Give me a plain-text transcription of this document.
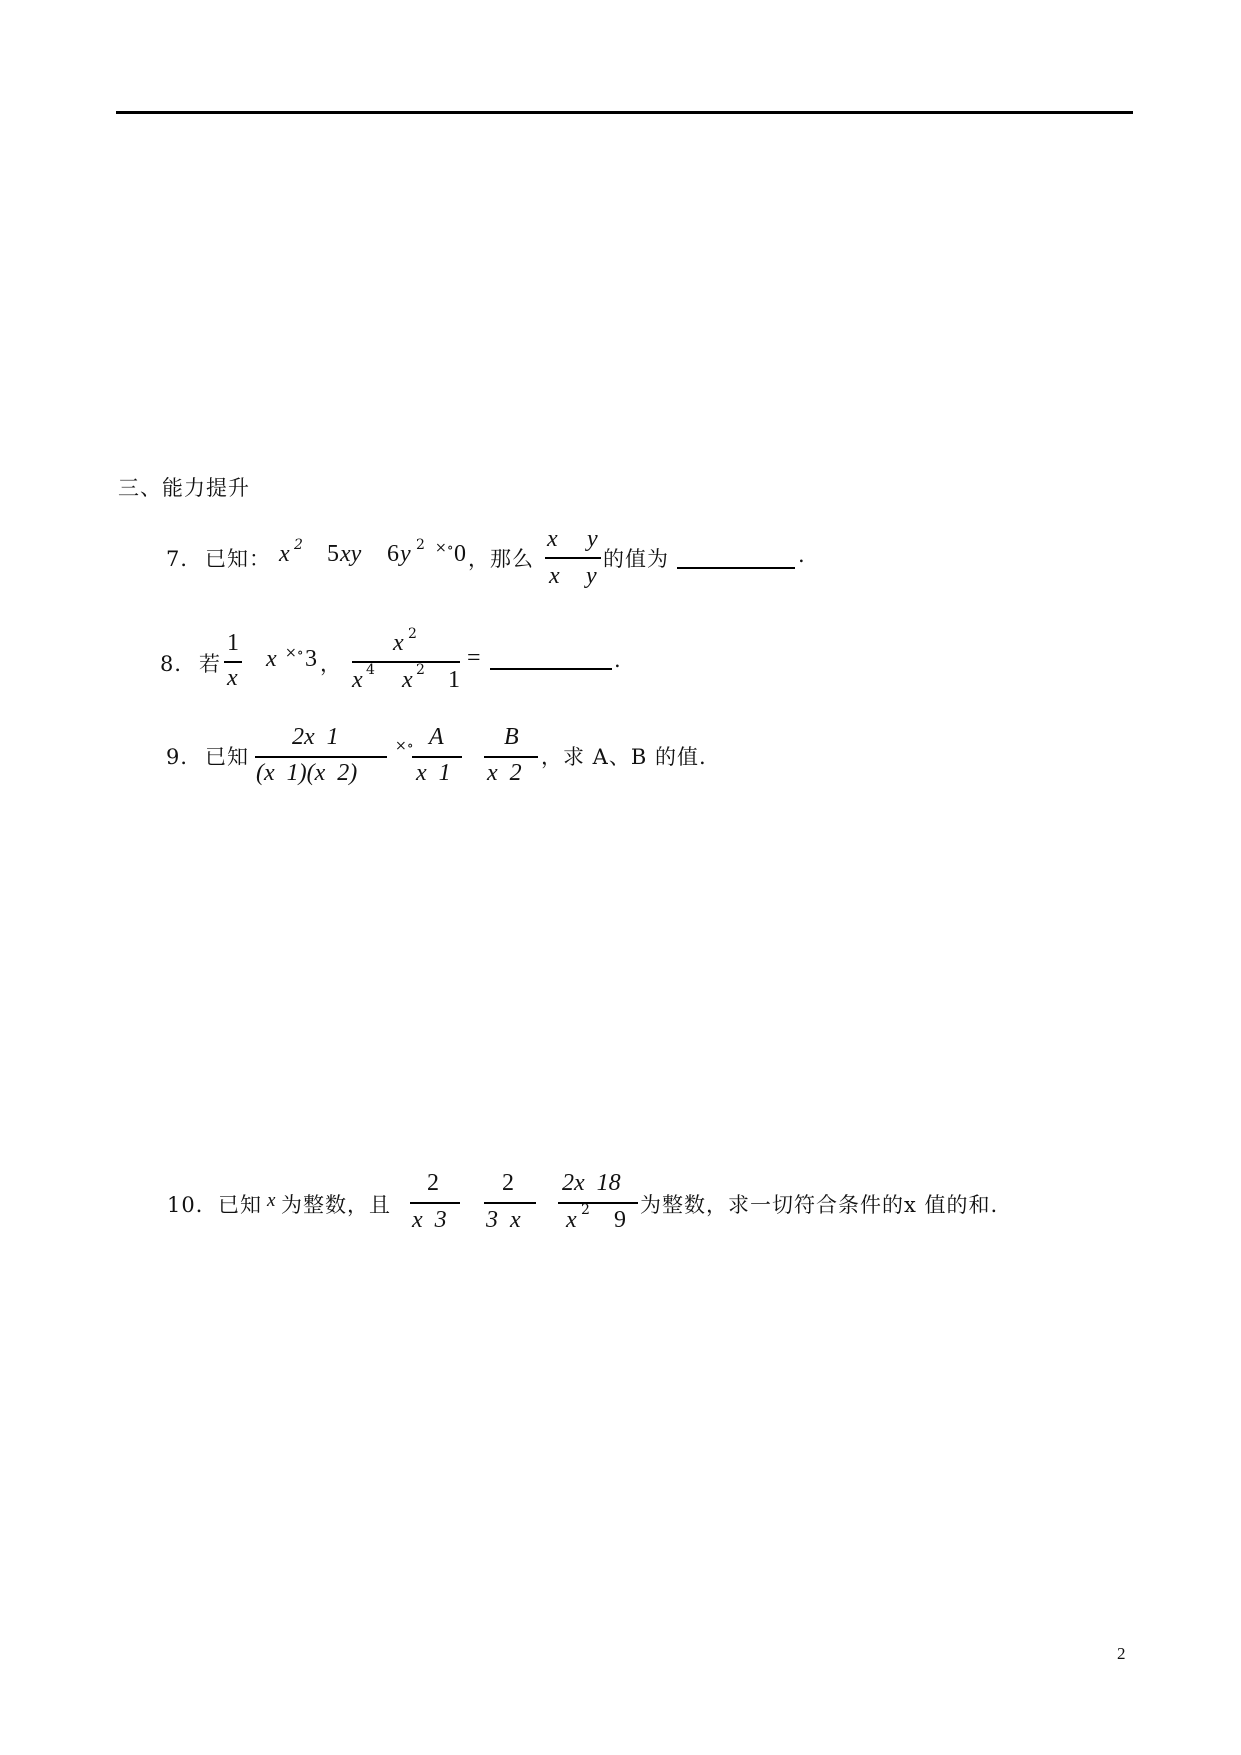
三、能力提升
7． 已知： x 2 5 xy 6 y 2 ×∘ 0 ，那么
x y
x y
的值为	.
8． 若
1
x
x ×∘ 3 ，
x 2
x 4 x 2 1
=	.
9． 已知
2x  1
(x  1)(x  2)
×∘ A
x  1
B
x  2
，求 A、B 的值.
10． 已知 x 为整数，且
2
x  3
2
3  x
2x  18
x 2 9
为整数，求一切符合条件的x 值的和.
2
